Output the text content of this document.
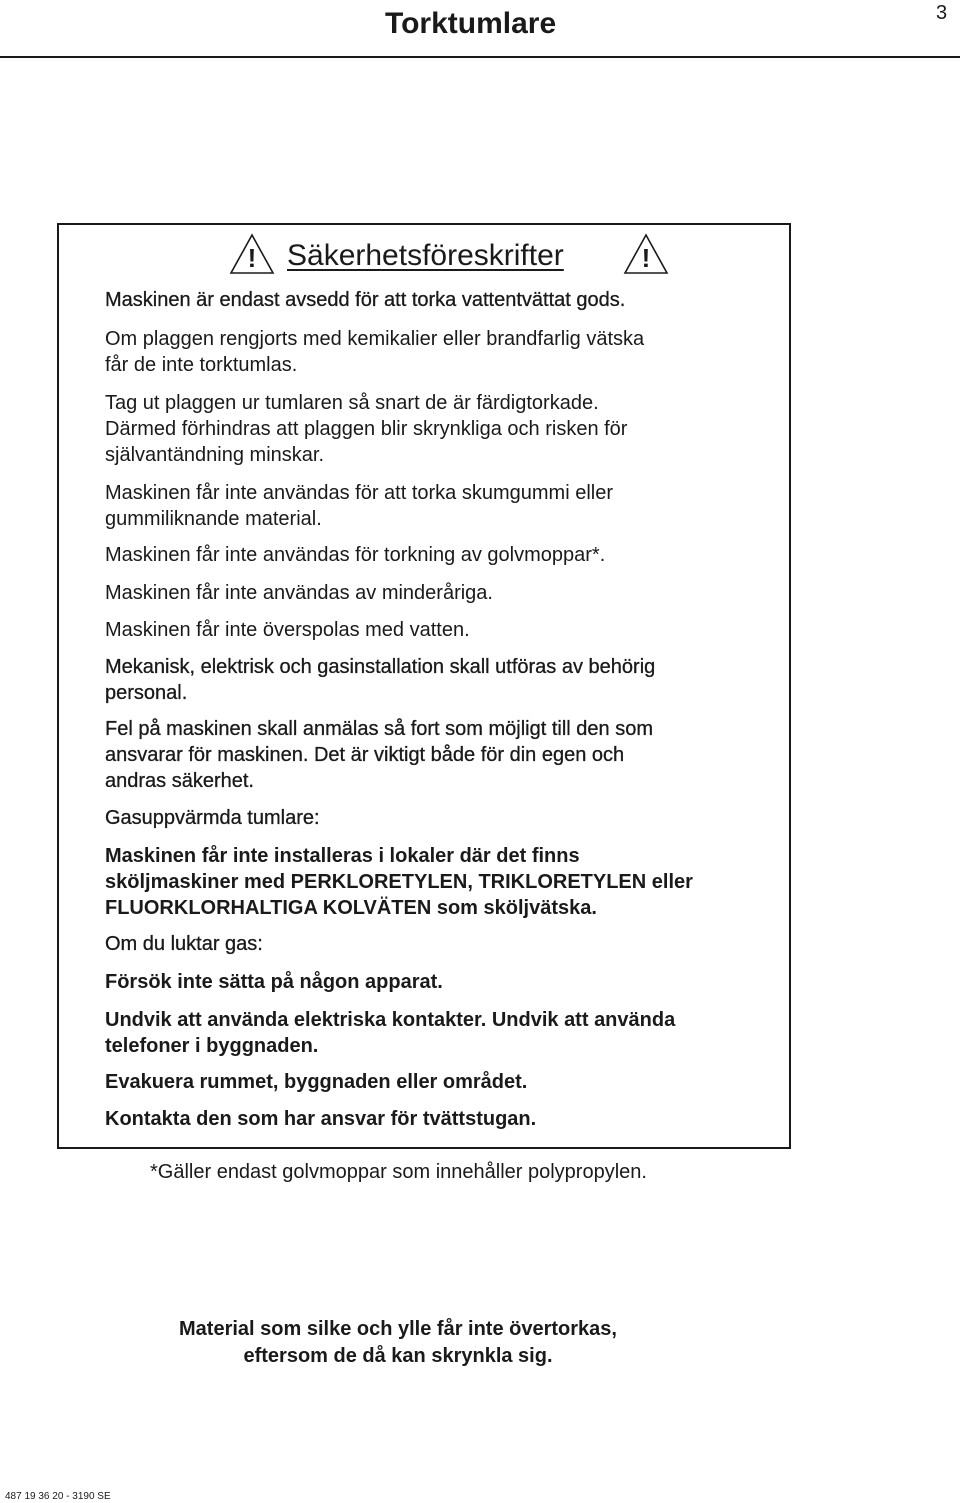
Torktumlare	3
! Säkerhetsföreskrifter	!

Maskinen är endast avsedd för att torka vattentvättat gods.

Om plaggen rengjorts med kemikalier eller brandfarlig vätska
får de inte torktumlas.

Tag ut plaggen ur tumlaren så snart de är färdigtorkade.
Därmed förhindras att plaggen blir skrynkliga och risken för
självantändning minskar.

Maskinen får inte användas för att torka skumgummi eller
gummiliknande material.

Maskinen får inte användas för torkning av golvmoppar*.

Maskinen får inte användas av minderåriga.

Maskinen får inte överspolas med vatten.

Mekanisk, elektrisk och gasinstallation skall utföras av behörig
personal.

Fel på maskinen skall anmälas så fort som möjligt till den som
ansvarar för maskinen. Det är viktigt både för din egen och
andras säkerhet.

Gasuppvärmda tumlare:

Maskinen får inte installeras i lokaler där det finns
sköljmaskiner med PERKLORETYLEN, TRIKLORETYLEN eller
FLUORKLORHALTIGA KOLVÄTEN som sköljvätska.

Om du luktar gas:

Försök inte sätta på någon apparat.

Undvik att använda elektriska kontakter. Undvik att använda
telefoner i byggnaden.

Evakuera rummet, byggnaden eller området.

Kontakta den som har ansvar för tvättstugan.

*Gäller endast golvmoppar som innehåller polypropylen.

Material som silke och ylle får inte övertorkas,
eftersom de då kan skrynkla sig.

487 19 36 20 - 3190 SE
